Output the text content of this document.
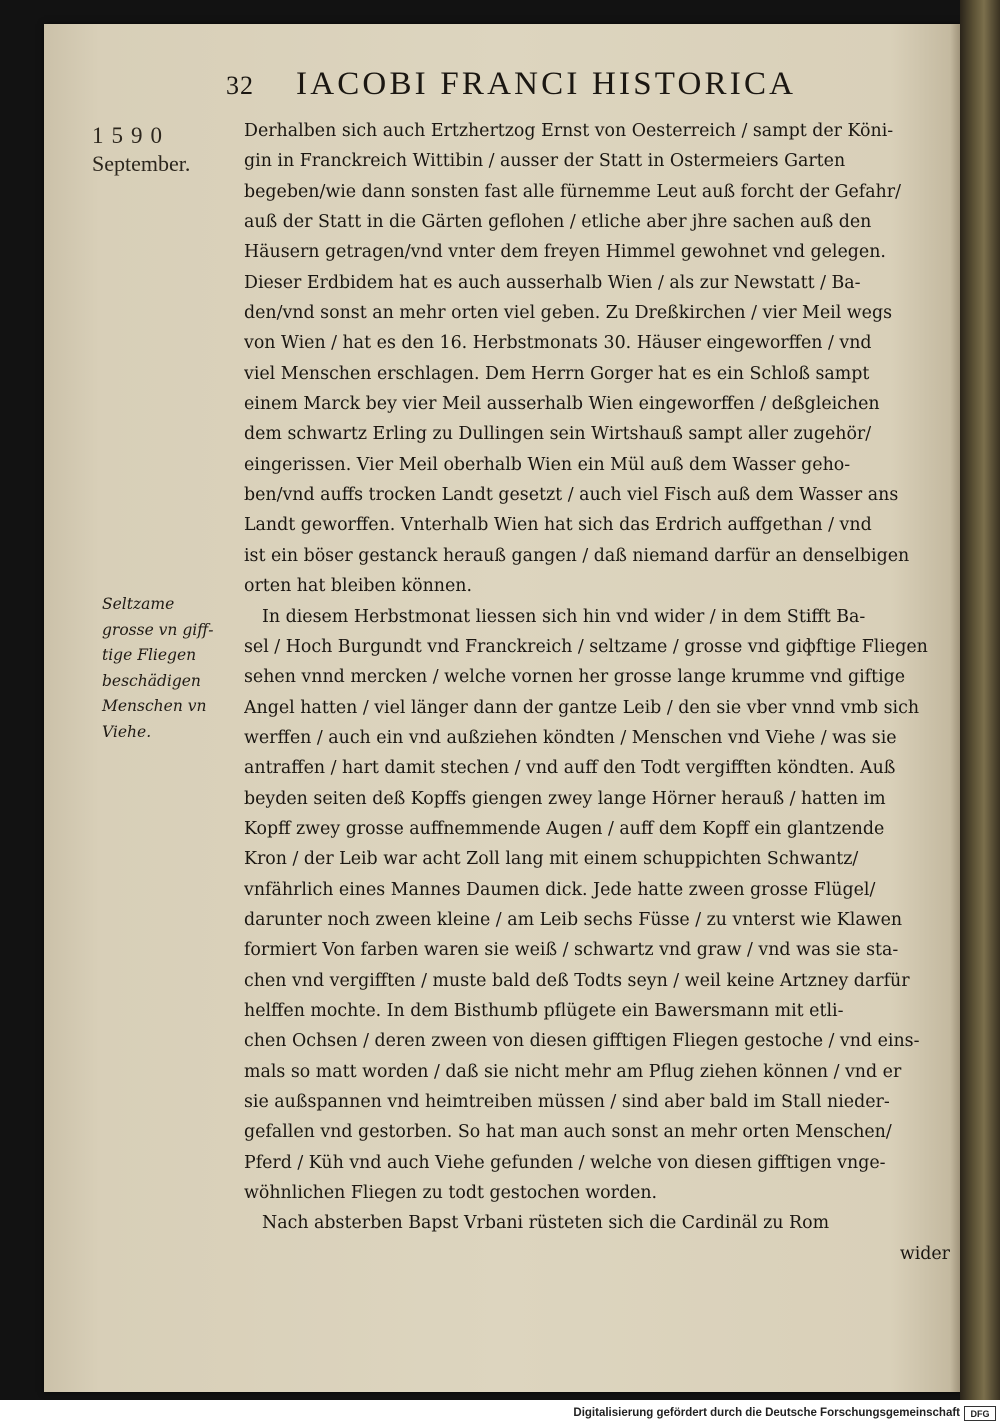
32 IACOBI FRANCI HISTORICA
1590
September.
Seltzame
grosse vn giff-
tige Fliegen
beschädigen
Menschen vn
Viehe.
Derhalben sich auch Ertzhertzog Ernst von Oesterreich / sampt der Köni-
gin in Franckreich Wittibin / ausser der Statt in Ostermeiers Garten
begeben/wie dann sonsten fast alle fürnemme Leut auß forcht der Gefahr/
auß der Statt in die Gärten geflohen / etliche aber jhre sachen auß den
Häusern getragen/vnd vnter dem freyen Himmel gewohnet vnd gelegen.
Dieser Erdbidem hat es auch ausserhalb Wien / als zur Newstatt / Ba-
den/vnd sonst an mehr orten viel geben. Zu Dreßkirchen / vier Meil wegs
von Wien / hat es den 16. Herbstmonats 30. Häuser eingeworffen / vnd
viel Menschen erschlagen. Dem Herrn Gorger hat es ein Schloß sampt
einem Marck bey vier Meil ausserhalb Wien eingeworffen / deßgleichen
dem schwartz Erling zu Dullingen sein Wirtshauß sampt aller zugehör/
eingerissen. Vier Meil oberhalb Wien ein Mül auß dem Wasser geho-
ben/vnd auffs trocken Landt gesetzt / auch viel Fisch auß dem Wasser ans
Landt geworffen. Vnterhalb Wien hat sich das Erdrich auffgethan / vnd
ist ein böser gestanck herauß gangen / daß niemand darfür an denselbigen
orten hat bleiben können.
In diesem Herbstmonat liessen sich hin vnd wider / in dem Stifft Ba-
sel / Hoch Burgundt vnd Franckreich / seltzame / grosse vnd giфftige Fliegen
sehen vnnd mercken / welche vornen her grosse lange krumme vnd giftige
Angel hatten / viel länger dann der gantze Leib / den sie vber vnnd vmb sich
werffen / auch ein vnd außziehen köndten / Menschen vnd Viehe / was sie
antraffen / hart damit stechen / vnd auff den Todt vergifften köndten. Auß
beyden seiten deß Kopffs giengen zwey lange Hörner herauß / hatten im
Kopff zwey grosse auffnemmende Augen / auff dem Kopff ein glantzende
Kron / der Leib war acht Zoll lang mit einem schuppichten Schwantz/
vnfährlich eines Mannes Daumen dick. Jede hatte zween grosse Flügel/
darunter noch zween kleine / am Leib sechs Füsse / zu vnterst wie Klawen
formiert Von farben waren sie weiß / schwartz vnd graw / vnd was sie sta-
chen vnd vergifften / muste bald deß Todts seyn / weil keine Artzney darfür
helffen mochte. In dem Bisthumb pflügete ein Bawersmann mit etli-
chen Ochsen / deren zween von diesen gifftigen Fliegen gestoche / vnd eins-
mals so matt worden / daß sie nicht mehr am Pflug ziehen können / vnd er
sie außspannen vnd heimtreiben müssen / sind aber bald im Stall nieder-
gefallen vnd gestorben. So hat man auch sonst an mehr orten Menschen/
Pferd / Küh vnd auch Viehe gefunden / welche von diesen gifftigen vnge-
wöhnlichen Fliegen zu todt gestochen worden.
Nach absterben Bapst Vrbani rüsteten sich die Cardinäl zu Rom
wider
Digitalisierung gefördert durch die Deutsche Forschungsgemeinschaft	DFG
